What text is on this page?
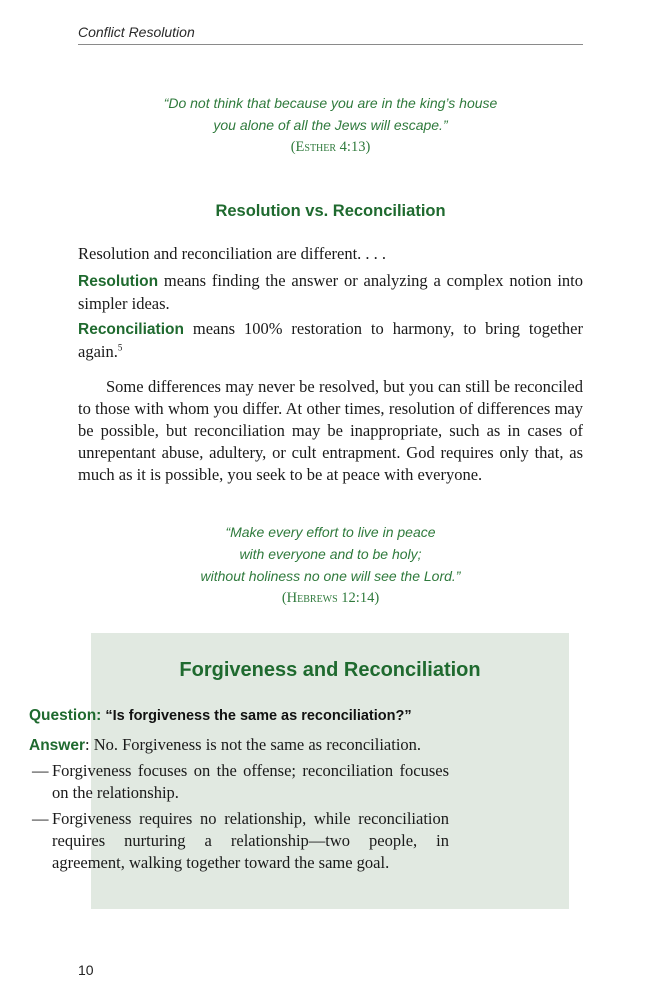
Conflict Resolution
“Do not think that because you are in the king’s house
you alone of all the Jews will escape.”
(Esther 4:13)
Resolution vs. Reconciliation

Resolution and reconciliation are different. . . .

Resolution means finding the answer or analyzing a complex notion into simpler ideas.

Reconciliation means 100% restoration to harmony, to bring together again.$^5$

Some differences may never be resolved, but you can still be reconciled to those with whom you differ. At other times, resolution of differences may be possible, but reconciliation may be inappropriate, such as in cases of unrepentant abuse, adultery, or cult entrapment. God requires only that, as much as it is possible, you seek to be at peace with everyone.

“Make every effort to live in peace
with everyone and to be holy;
without holiness no one will see the Lord.”
(Hebrews 12:14)
Forgiveness and Reconciliation
Question: “Is forgiveness the same as reconciliation?”
Answer: No. Forgiveness is not the same as reconciliation.
— Forgiveness focuses on the offense; reconciliation focuses on the relationship.
— Forgiveness requires no relationship, while reconciliation requires nurturing a relationship—two people, in agreement, walking together toward the same goal.
10
